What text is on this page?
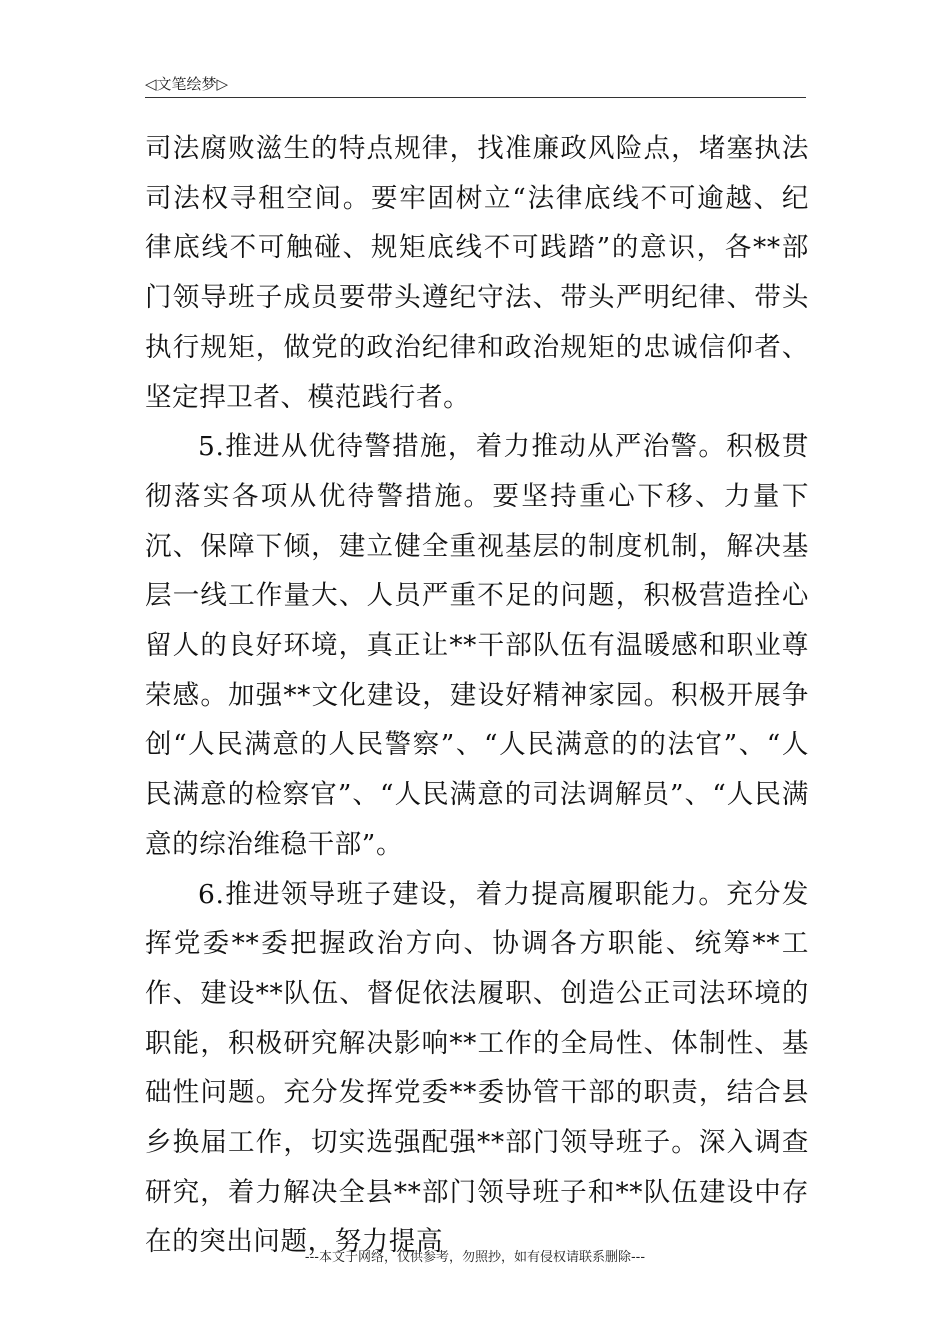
◁文笔绘梦▷

司法腐败滋生的特点规律，找准廉政风险点，堵塞执法司法权寻租空间。要牢固树立“法律底线不可逾越、纪律底线不可触碰、规矩底线不可践踏”的意识，各**部门领导班子成员要带头遵纪守法、带头严明纪律、带头执行规矩，做党的政治纪律和政治规矩的忠诚信仰者、坚定捍卫者、模范践行者。

5.推进从优待警措施，着力推动从严治警。积极贯彻落实各项从优待警措施。要坚持重心下移、力量下沉、保障下倾，建立健全重视基层的制度机制，解决基层一线工作量大、人员严重不足的问题，积极营造拴心留人的良好环境，真正让**干部队伍有温暖感和职业尊荣感。加强**文化建设，建设好精神家园。积极开展争创“人民满意的人民警察”、“人民满意的的法官”、“人民满意的检察官”、“人民满意的司法调解员”、“人民满意的综治维稳干部”。

6.推进领导班子建设，着力提高履职能力。充分发挥党委**委把握政治方向、协调各方职能、统筹**工作、建设**队伍、督促依法履职、创造公正司法环境的职能，积极研究解决影响**工作的全局性、体制性、基础性问题。充分发挥党委**委协管干部的职责，结合县乡换届工作，切实选强配强**部门领导班子。深入调查研究，着力解决全县**部门领导班子和**队伍建设中存在的突出问题，努力提高

---本文于网络，仅供参考，勿照抄，如有侵权请联系删除---
